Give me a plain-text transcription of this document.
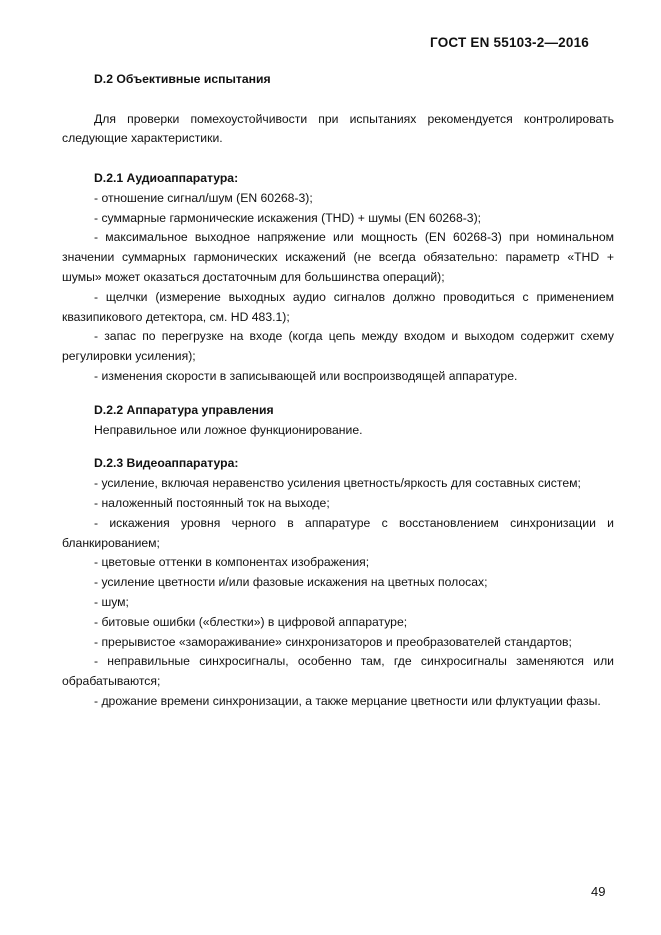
ГОСТ EN 55103-2—2016

D.2 Объективные испытания

Для проверки помехоустойчивости при испытаниях рекомендуется контролировать следующие характеристики.

D.2.1 Аудиоаппаратура:

- отношение сигнал/шум (EN 60268-3);

- суммарные гармонические искажения (THD) + шумы (EN 60268-3);

- максимальное выходное напряжение или мощность (EN 60268-3) при номинальном значении суммарных гармонических искажений (не всегда обязательно: параметр «THD + шумы» может оказаться достаточным для большинства операций);

- щелчки (измерение выходных аудио сигналов должно проводиться с применением квазипикового детектора, см. HD 483.1);

- запас по перегрузке на входе (когда цепь между входом и выходом содержит схему регулировки усиления);

- изменения скорости в записывающей или воспроизводящей аппаратуре.

D.2.2 Аппаратура управления

Неправильное или ложное функционирование.

D.2.3 Видеоаппаратура:

- усиление, включая неравенство усиления цветность/яркость для составных систем;

- наложенный постоянный ток на выходе;

- искажения уровня черного в аппаратуре с восстановлением синхронизации и бланкированием;

- цветовые оттенки в компонентах изображения;

- усиление цветности и/или фазовые искажения на цветных полосах;

- шум;

- битовые ошибки («блестки») в цифровой аппаратуре;

- прерывистое «замораживание» синхронизаторов и преобразователей стандартов;

- неправильные синхросигналы, особенно там, где синхросигналы заменяются или обрабатываются;

- дрожание времени синхронизации, а также мерцание цветности или флуктуации фазы.

49
